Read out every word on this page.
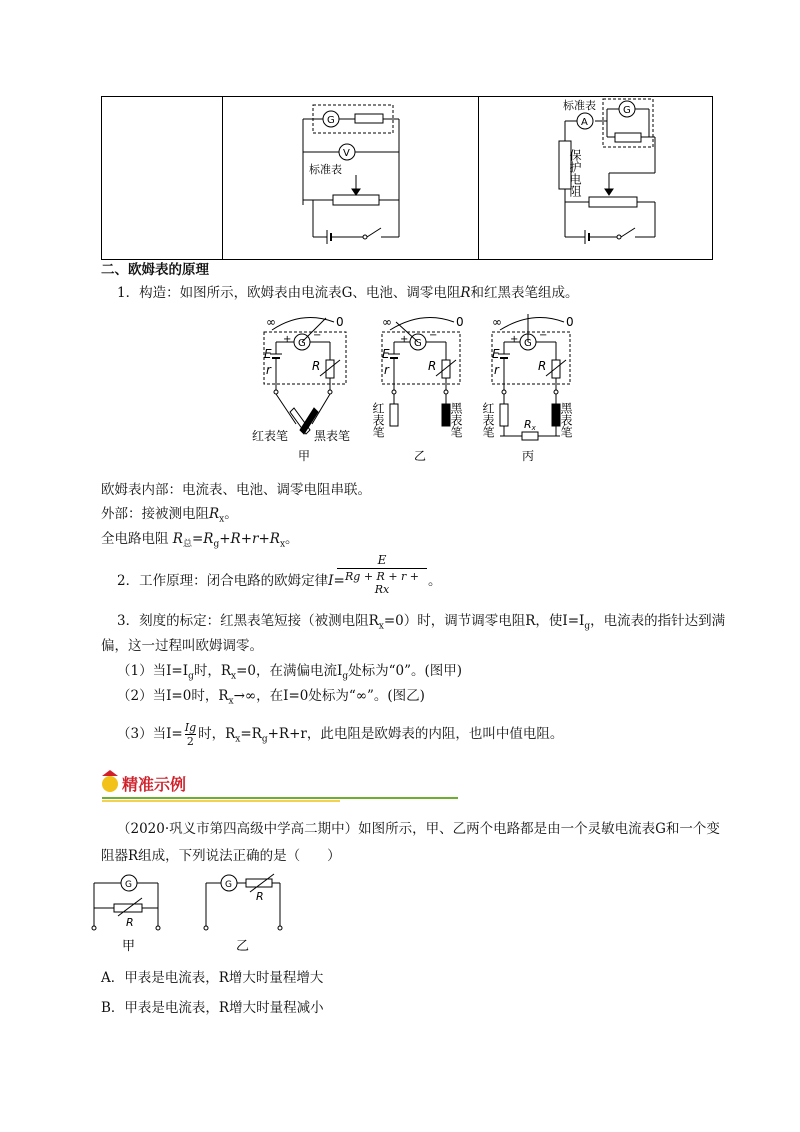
G
V
标准表

标准表
A
G
保护电阻
二、欧姆表的原理
1．构造：如图所示，欧姆表由电流表G、电池、调零电阻R和红黑表笔组成。
∞	0
G
+ −
E
r	R
红表笔 黑表笔
∞	0
G
+ −
E
r	R
红表笔	黑表笔
∞	0
G
+ −
E
r	R
红表笔	黑表笔
Rx
甲	乙	丙
欧姆表内部：电流表、电池、调零电阻串联。
外部：接被测电阻$R_x$。
全电路电阻 $R_总=R_g+R+r+R_x$。
2．工作原理：闭合电路的欧姆定律I=
$\frac{E}{Rg + R + r + Rx}$ 。
3．刻度的标定：红黑表笔短接（被测电阻$R_x=0$）时，调节调零电阻R，使$I=I_g$，电流表的指针达到满
偏，这一过程叫欧姆调零。
（1）当$I=I_g$时，$R_x=0$，在满偏电流$I_g$处标为“0”。(图甲)
（2）当I=0时，$R_x\to\infty$，在I=0处标为“∞”。(图乙)
（3）当$I= \frac{Ig}{2}$ 时，$R_x=R_g+R+r$，此电阻是欧姆表的内阻，也叫中值电阻。
精准示例
（2020·巩义市第四高级中学高二期中）如图所示，甲、乙两个电路都是由一个灵敏电流表G和一个变
阻器R组成，下列说法正确的是（　　）
G
R
甲
G
R
乙
A．甲表是电流表，R增大时量程增大
B．甲表是电流表，R增大时量程减小
